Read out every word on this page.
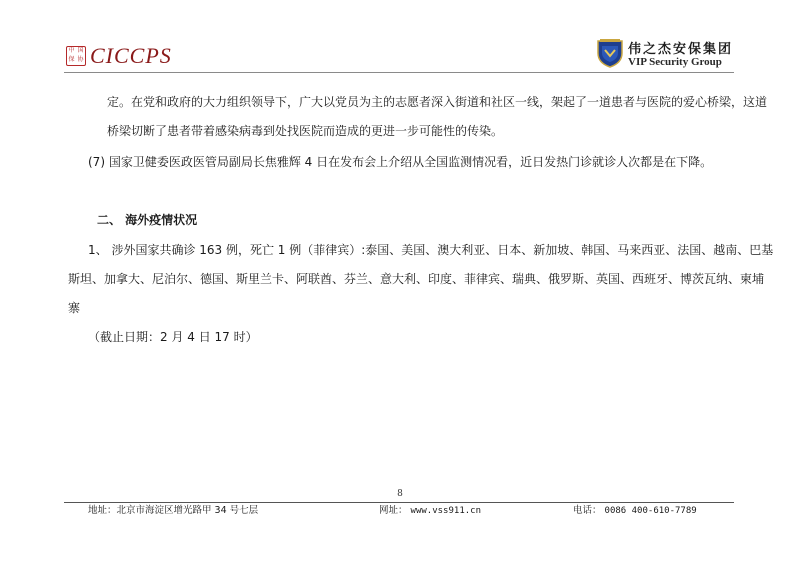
中 国
保 协 CICCPS	伟之杰安保集团
VIP Security Group
定。在党和政府的大力组织领导下，广大以党员为主的志愿者深入街道和社区一线，架起了一道患者与医院的爱心桥梁，这道
桥梁切断了患者带着感染病毒到处找医院而造成的更进一步可能性的传染。
(7) 国家卫健委医政医管局副局长焦雅辉 4 日在发布会上介绍从全国监测情况看，近日发热门诊就诊人次都是在下降。
二、 海外疫情状况
1、 涉外国家共确诊 163 例，死亡 1 例（菲律宾）:泰国、美国、澳大利亚、日本、新加坡、韩国、马来西亚、法国、越南、巴基
斯坦、加拿大、尼泊尔、德国、斯里兰卡、阿联酋、芬兰、意大利、印度、菲律宾、瑞典、俄罗斯、英国、西班牙、博茨瓦纳、柬埔
寨
（截止日期：2 月 4 日 17 时）
8
地址：北京市海淀区增光路甲 34 号七层	网址： www.vss911.cn	电话： 0086 400-610-7789
